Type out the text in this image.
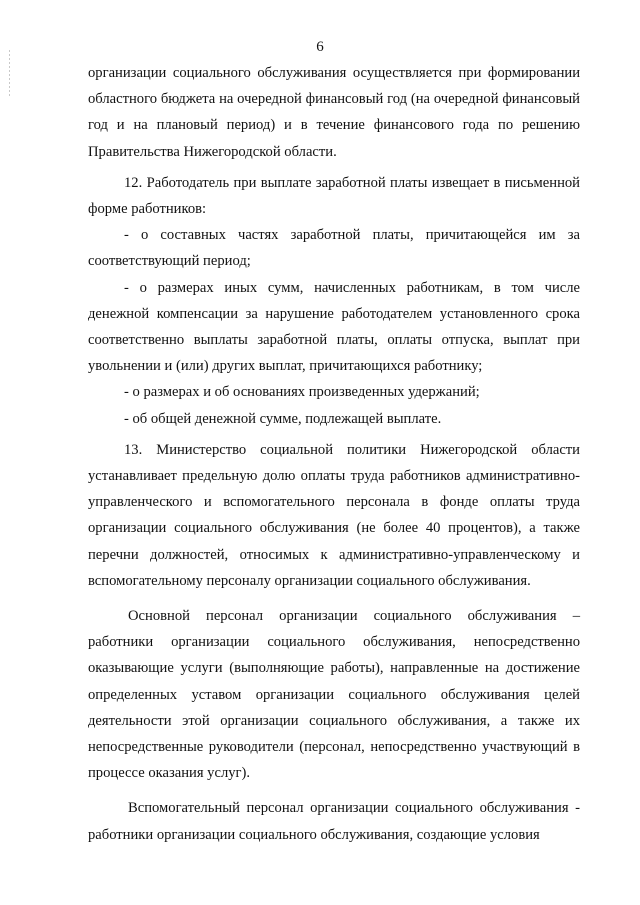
6

организации социального обслуживания осуществляется при формировании областного бюджета на очередной финансовый год (на очередной финансовый год и на плановый период) и в течение финансового года по решению Правительства Нижегородской области.

12. Работодатель при выплате заработной платы извещает в письменной форме работников:

- о составных частях заработной платы, причитающейся им за соответствующий период;

- о размерах иных сумм, начисленных работникам, в том числе денежной компенсации за нарушение работодателем установленного срока соответственно выплаты заработной платы, оплаты отпуска, выплат при увольнении и (или) других выплат, причитающихся работнику;

- о размерах и об основаниях произведенных удержаний;

- об общей денежной сумме, подлежащей выплате.

13. Министерство социальной политики Нижегородской области устанавливает предельную долю оплаты труда работников административно-управленческого и вспомогательного персонала в фонде оплаты труда организации социального обслуживания (не более 40 процентов), а также перечни должностей, относимых к административно-управленческому и вспомогательному персоналу организации социального обслуживания.

Основной персонал организации социального обслуживания – работники организации социального обслуживания, непосредственно оказывающие услуги (выполняющие работы), направленные на достижение определенных уставом организации социального обслуживания целей деятельности этой организации социального обслуживания, а также их непосредственные руководители (персонал, непосредственно участвующий в процессе оказания услуг).

Вспомогательный персонал организации социального обслуживания - работники организации социального обслуживания, создающие условия
